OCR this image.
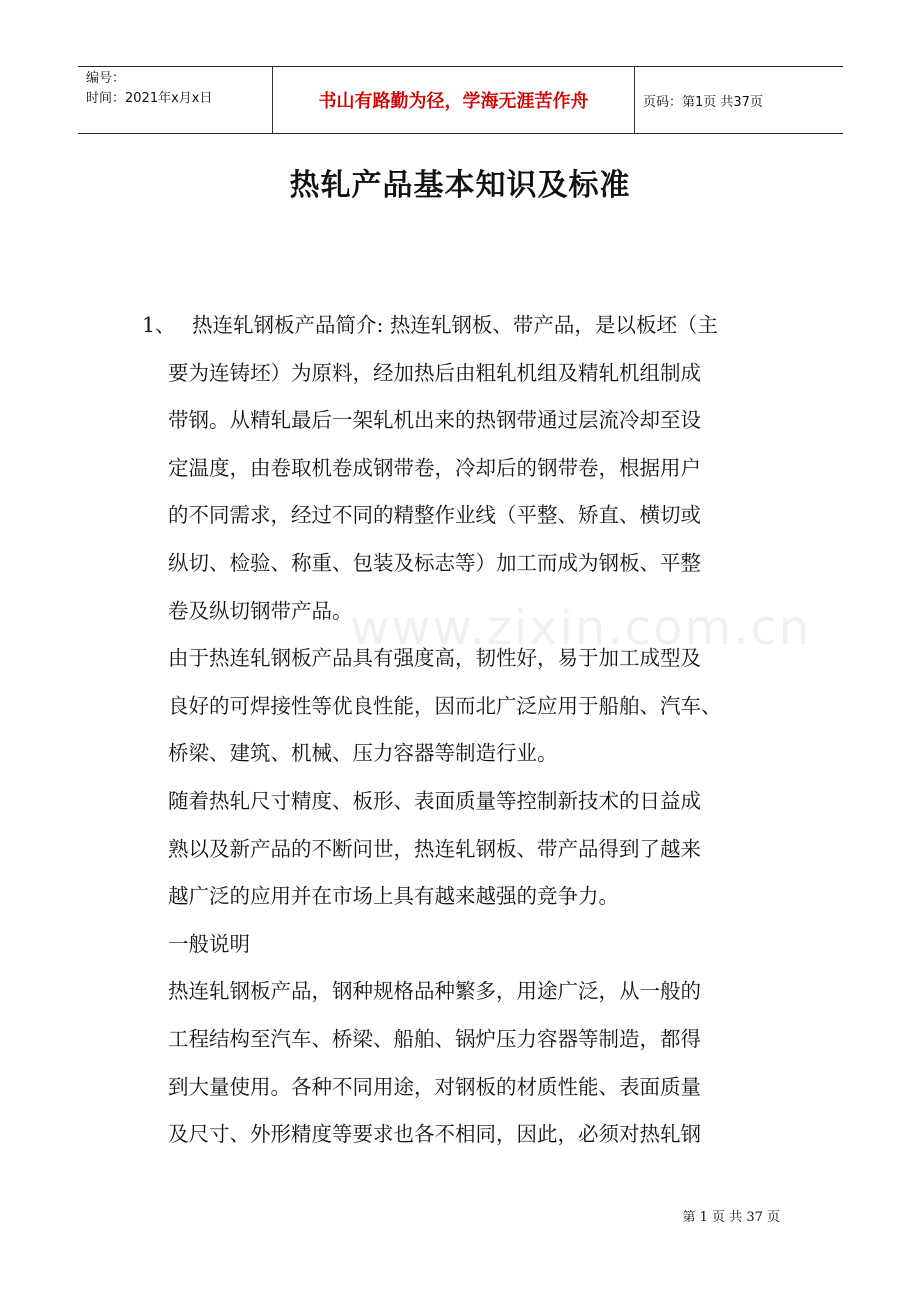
编号：
时间：2021年x月x日	书山有路勤为径，学海无涯苦作舟	页码：第1页 共37页
热轧产品基本知识及标准
www.zixin.com.cn
1、 热连轧钢板产品简介: 热连轧钢板、带产品，是以板坯（主
要为连铸坯）为原料，经加热后由粗轧机组及精轧机组制成
带钢。从精轧最后一架轧机出来的热钢带通过层流冷却至设
定温度，由卷取机卷成钢带卷，冷却后的钢带卷，根据用户
的不同需求，经过不同的精整作业线（平整、矫直、横切或
纵切、检验、称重、包装及标志等）加工而成为钢板、平整
卷及纵切钢带产品。
由于热连轧钢板产品具有强度高，韧性好，易于加工成型及
良好的可焊接性等优良性能，因而北广泛应用于船舶、汽车、
桥梁、建筑、机械、压力容器等制造行业。
随着热轧尺寸精度、板形、表面质量等控制新技术的日益成
熟以及新产品的不断问世，热连轧钢板、带产品得到了越来
越广泛的应用并在市场上具有越来越强的竞争力。
一般说明
热连轧钢板产品，钢种规格品种繁多，用途广泛，从一般的
工程结构至汽车、桥梁、船舶、锅炉压力容器等制造，都得
到大量使用。各种不同用途，对钢板的材质性能、表面质量
及尺寸、外形精度等要求也各不相同，因此，必须对热轧钢
第 1 页 共 37 页
